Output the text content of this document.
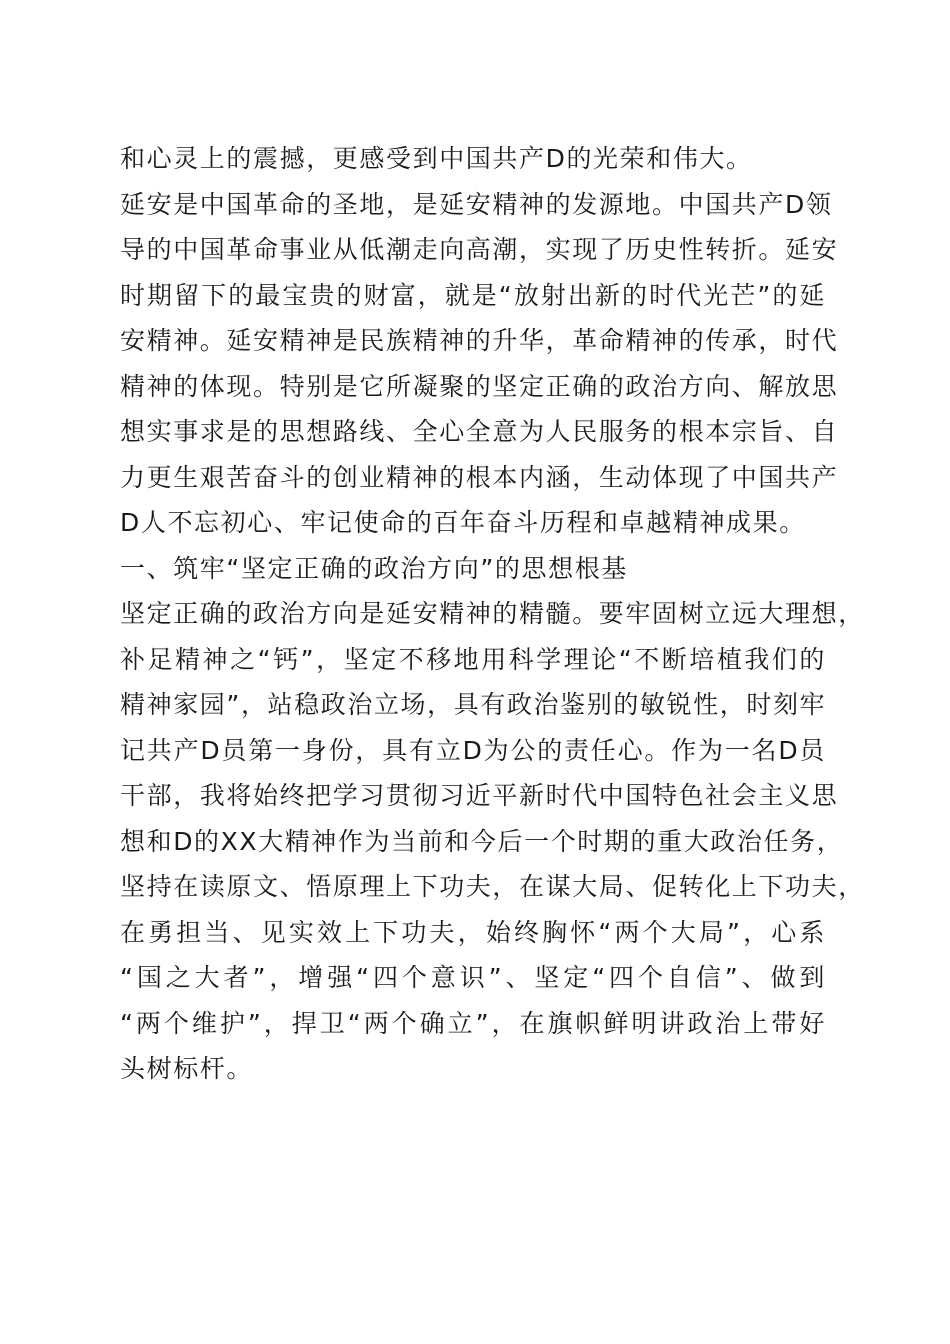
和心灵上的震撼，更感受到中国共产D的光荣和伟大。
延安是中国革命的圣地，是延安精神的发源地。中国共产D领
导的中国革命事业从低潮走向高潮，实现了历史性转折。延安
时期留下的最宝贵的财富，就是“放射出新的时代光芒”的延
安精神。延安精神是民族精神的升华，革命精神的传承，时代
精神的体现。特别是它所凝聚的坚定正确的政治方向、解放思
想实事求是的思想路线、全心全意为人民服务的根本宗旨、自
力更生艰苦奋斗的创业精神的根本内涵，生动体现了中国共产
D人不忘初心、牢记使命的百年奋斗历程和卓越精神成果。
一、筑牢“坚定正确的政治方向”的思想根基
坚定正确的政治方向是延安精神的精髓。要牢固树立远大理想，
补足精神之“钙”，坚定不移地用科学理论“不断培植我们的
精神家园”，站稳政治立场，具有政治鉴别的敏锐性，时刻牢
记共产D员第一身份，具有立D为公的责任心。作为一名D员
干部，我将始终把学习贯彻习近平新时代中国特色社会主义思
想和D的XX大精神作为当前和今后一个时期的重大政治任务，
坚持在读原文、悟原理上下功夫，在谋大局、促转化上下功夫，
在勇担当、见实效上下功夫，始终胸怀“两个大局”，心系
“国之大者”，增强“四个意识”、坚定“四个自信”、做到
“两个维护”，捍卫“两个确立”，在旗帜鲜明讲政治上带好
头树标杆。
